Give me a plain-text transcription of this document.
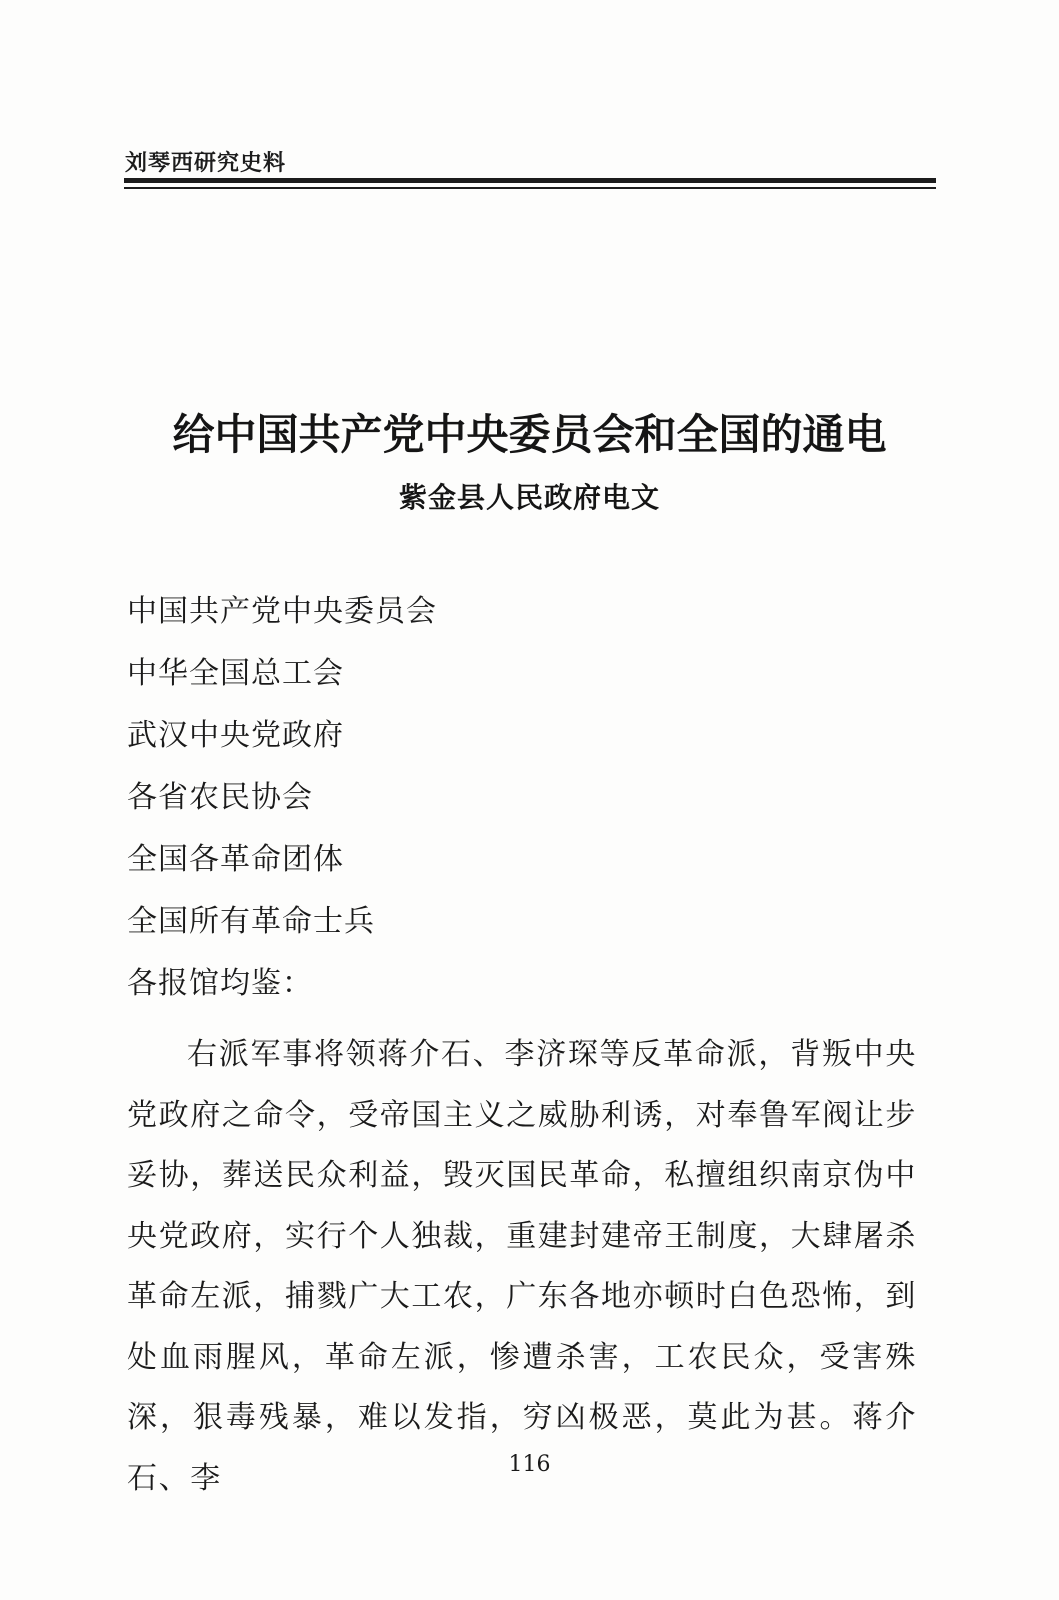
刘琴西研究史料
给中国共产党中央委员会和全国的通电
紫金县人民政府电文
中国共产党中央委员会
中华全国总工会
武汉中央党政府
各省农民协会
全国各革命团体
全国所有革命士兵
各报馆均鉴：

右派军事将领蒋介石、李济琛等反革命派，背叛中央党政府之命令，受帝国主义之威胁利诱，对奉鲁军阀让步妥协，葬送民众利益，毁灭国民革命，私擅组织南京伪中央党政府，实行个人独裁，重建封建帝王制度，大肆屠杀革命左派，捕戮广大工农，广东各地亦顿时白色恐怖，到处血雨腥风，革命左派，惨遭杀害，工农民众，受害殊深，狠毒残暴，难以发指，穷凶极恶，莫此为甚。蒋介石、李	116
